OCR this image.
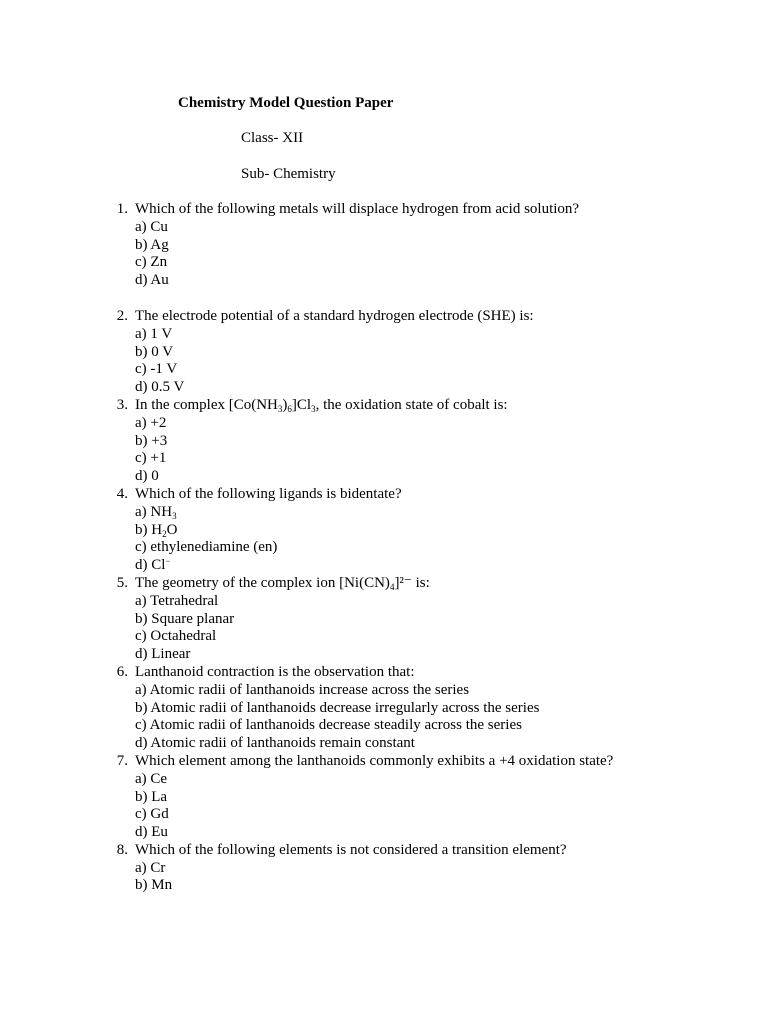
Chemistry Model Question Paper
Class- XII
Sub- Chemistry
1. Which of the following metals will displace hydrogen from acid solution?
a) Cu
b) Ag
c) Zn
d) Au
2. The electrode potential of a standard hydrogen electrode (SHE) is:
a) 1 V
b) 0 V
c) -1 V
d) 0.5 V
3. In the complex $[Co(NH_3)_6]Cl_3$, the oxidation state of cobalt is:
a) +2
b) +3
c) +1
d) 0
4. Which of the following ligands is bidentate?
a) $NH_3$
b) $H_2O$
c) ethylenediamine (en)
d) Cl−
5. The geometry of the complex ion $[Ni(CN)_4]^{2-}$ is:
a) Tetrahedral
b) Square planar
c) Octahedral
d) Linear
6. Lanthanoid contraction is the observation that:
a) Atomic radii of lanthanoids increase across the series
b) Atomic radii of lanthanoids decrease irregularly across the series
c) Atomic radii of lanthanoids decrease steadily across the series
d) Atomic radii of lanthanoids remain constant
7. Which element among the lanthanoids commonly exhibits a +4 oxidation state?
a) Ce
b) La
c) Gd
d) Eu
8. Which of the following elements is not considered a transition element?
a) Cr
b) Mn
